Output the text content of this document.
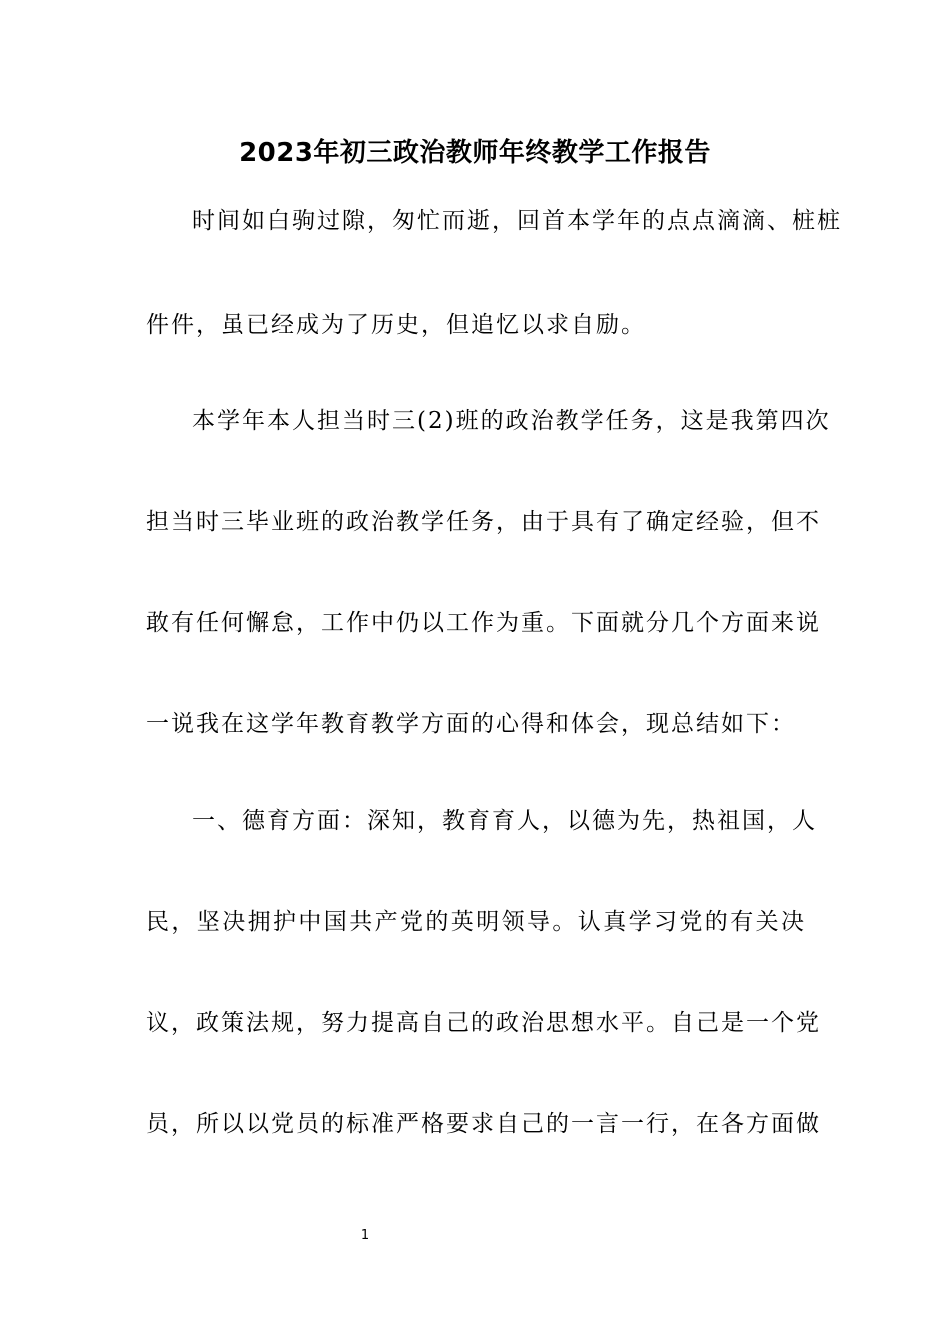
2023年初三政治教师年终教学工作报告
时间如白驹过隙，匆忙而逝，回首本学年的点点滴滴、桩桩
件件，虽已经成为了历史，但追忆以求自励。
本学年本人担当时三(2)班的政治教学任务，这是我第四次
担当时三毕业班的政治教学任务，由于具有了确定经验，但不
敢有任何懈怠，工作中仍以工作为重。下面就分几个方面来说
一说我在这学年教育教学方面的心得和体会，现总结如下：
一、德育方面：深知，教育育人，以德为先，热祖国，人
民，坚决拥护中国共产党的英明领导。认真学习党的有关决
议，政策法规，努力提高自己的政治思想水平。自己是一个党
员，所以以党员的标准严格要求自己的一言一行，在各方面做
1
